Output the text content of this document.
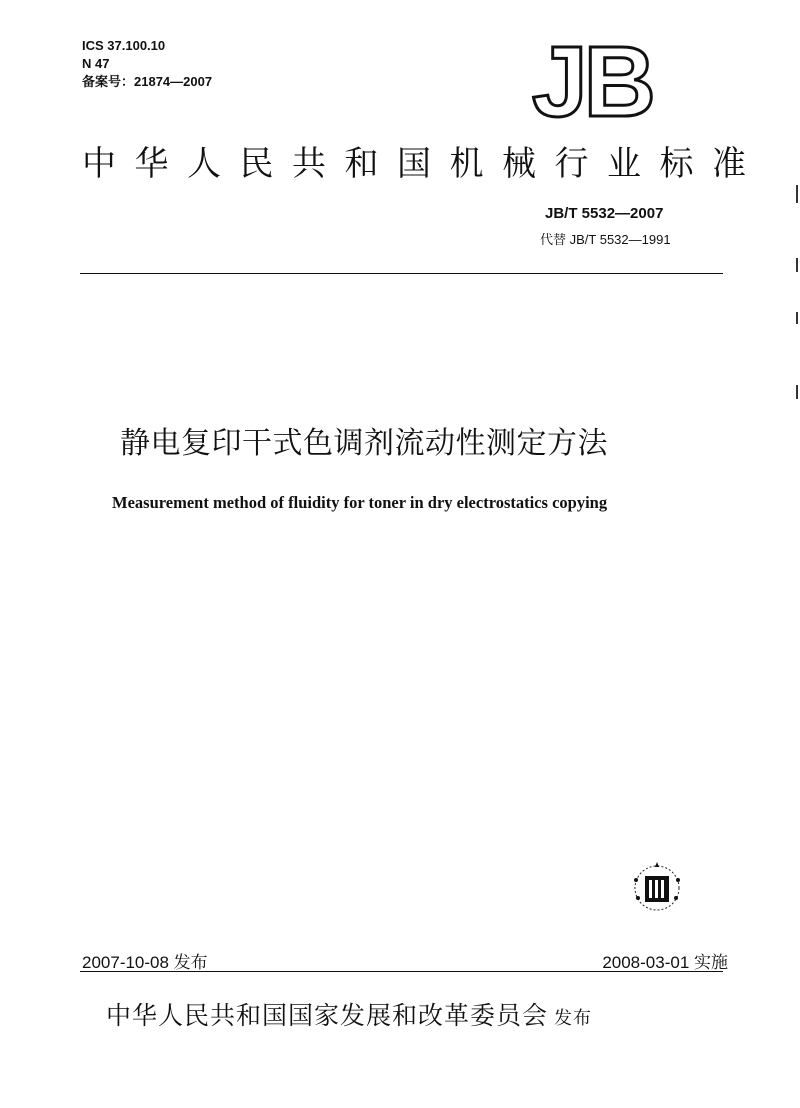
ICS 37.100.10
N 47
备案号：21874—2007	JB
中华人民共和国机械行业标准
JB/T 5532—2007
代替 JB/T 5532—1991
静电复印干式色调剂流动性测定方法
Measurement method of fluidity for toner in dry electrostatics copying
2007-10-08 发布	2008-03-01 实施
中华人民共和国国家发展和改革委员会 发布
